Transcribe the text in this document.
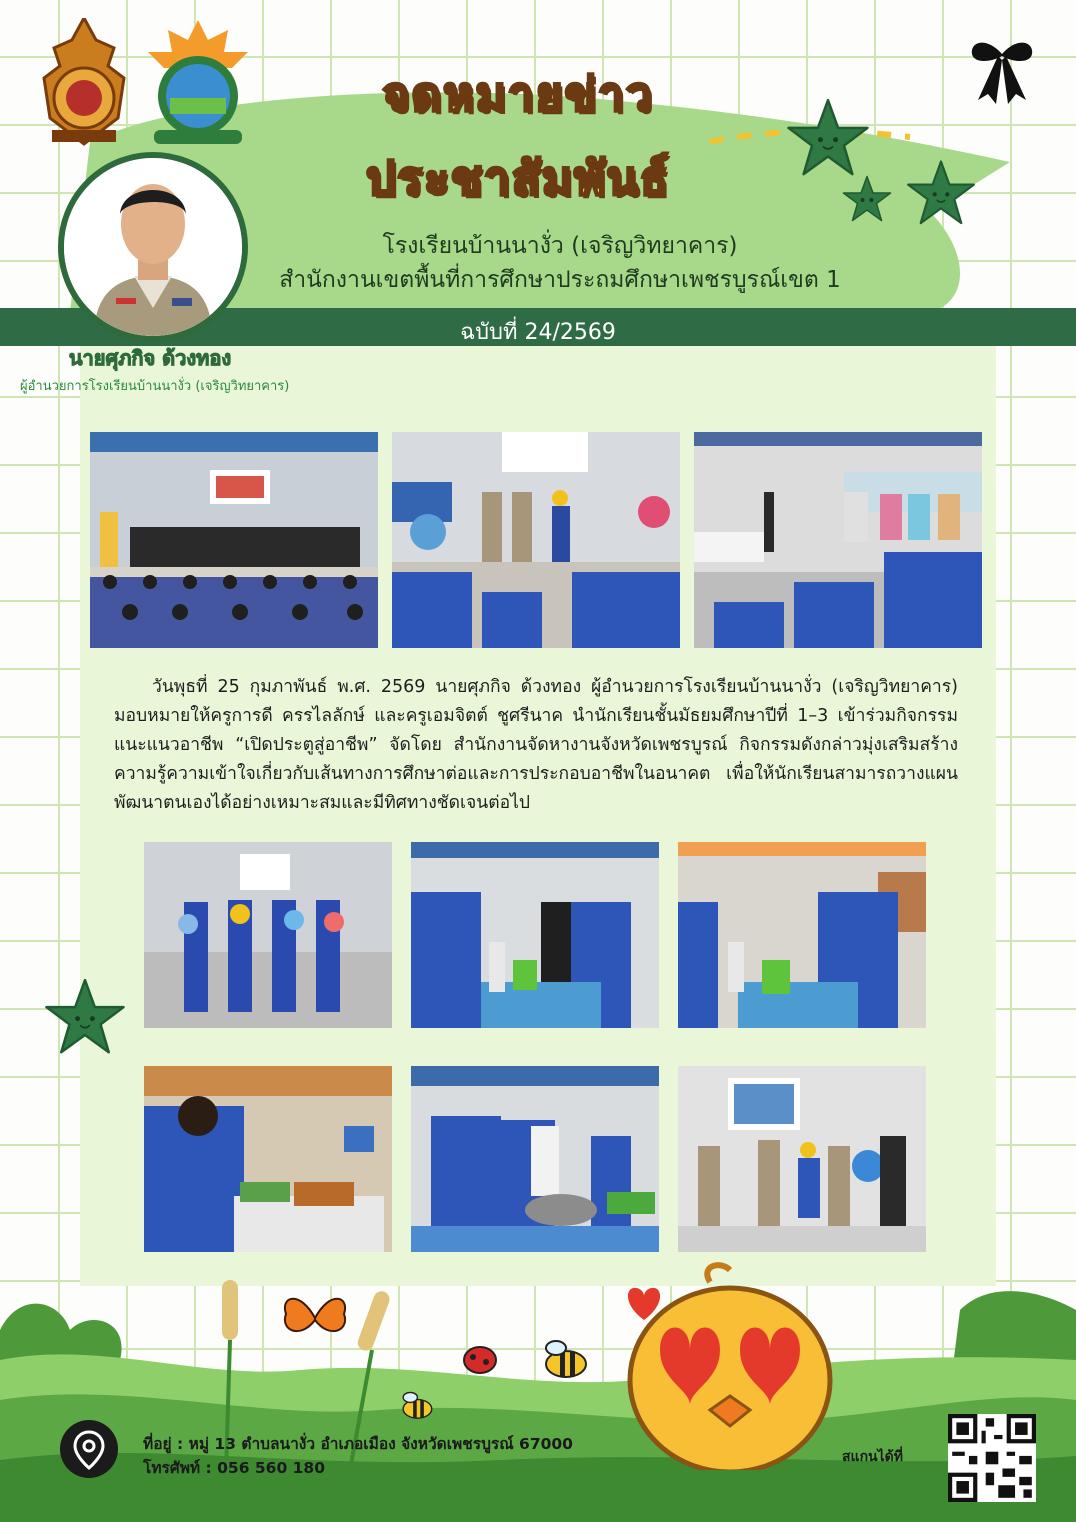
จดหมายข่าว
ประชาสัมพันธ์
โรงเรียนบ้านนางั่ว (เจริญวิทยาคาร)
สำนักงานเขตพื้นที่การศึกษาประถมศึกษาเพชรบูรณ์เขต 1
ฉบับที่ 24/2569
นายศุภกิจ ด้วงทอง
ผู้อำนวยการโรงเรียนบ้านนางั่ว (เจริญวิทยาคาร)
วันพุธที่ 25 กุมภาพันธ์ พ.ศ. 2569 นายศุภกิจ ด้วงทอง ผู้อำนวยการโรงเรียนบ้านนางั่ว (เจริญวิทยาคาร) มอบหมายให้ครูการดี ครรไลลักษ์ และครูเอมจิตต์ ชูศรีนาค นำนักเรียนชั้นมัธยมศึกษาปีที่ 1–3 เข้าร่วมกิจกรรมแนะแนวอาชีพ “เปิดประตูสู่อาชีพ” จัดโดย สำนักงานจัดหางานจังหวัดเพชรบูรณ์ กิจกรรมดังกล่าวมุ่งเสริมสร้างความรู้ความเข้าใจเกี่ยวกับเส้นทางการศึกษาต่อและการประกอบอาชีพในอนาคต เพื่อให้นักเรียนสามารถวางแผนพัฒนาตนเองได้อย่างเหมาะสมและมีทิศทางชัดเจนต่อไป
ที่อยู่ : หมู่ 13 ตำบลนางั่ว อำเภอเมือง จังหวัดเพชรบูรณ์ 67000
โทรศัพท์ : 056 560 180
สแกนได้ที่
